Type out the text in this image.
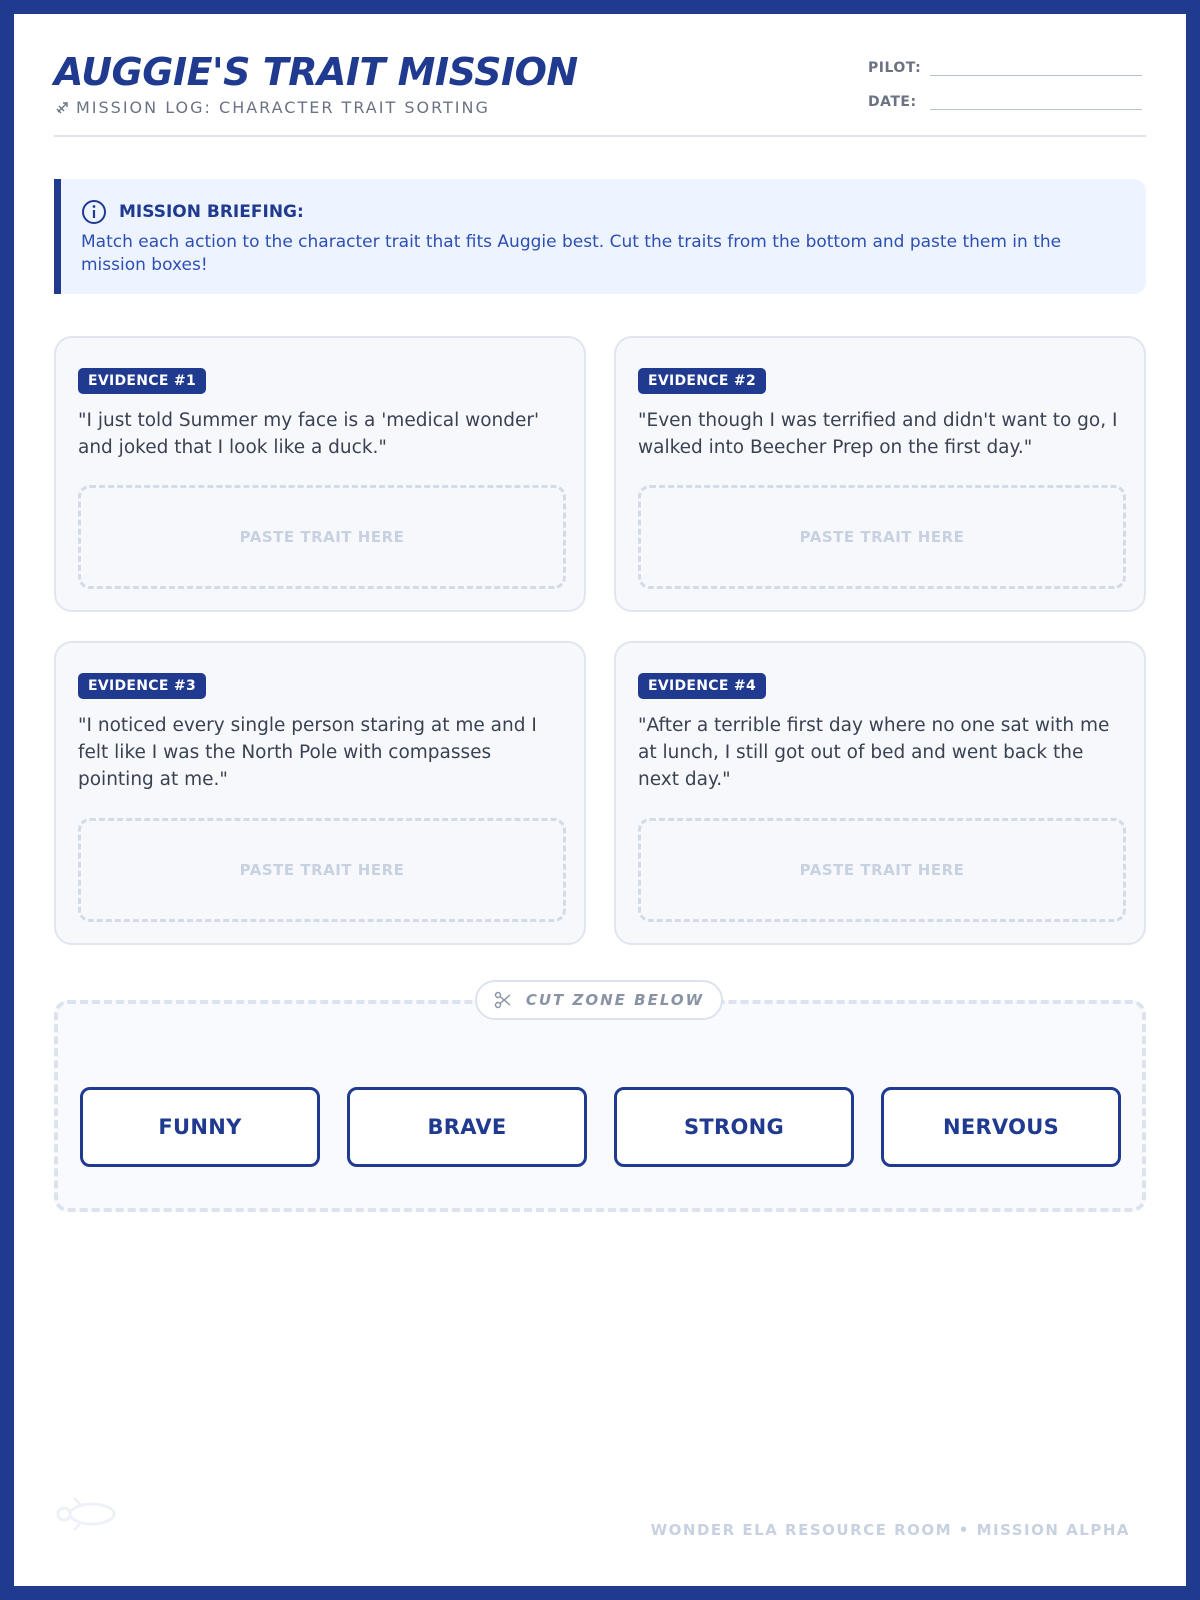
AUGGIE'S TRAIT MISSION
MISSION LOG: CHARACTER TRAIT SORTING
PILOT:
DATE:
MISSION BRIEFING:
Match each action to the character trait that fits Auggie best. Cut the traits from the bottom and paste them in the mission boxes!
EVIDENCE #1
"I just told Summer my face is a 'medical wonder' and joked that I look like a duck."
PASTE TRAIT HERE
EVIDENCE #2
"Even though I was terrified and didn't want to go, I walked into Beecher Prep on the first day."
PASTE TRAIT HERE
EVIDENCE #3
"I noticed every single person staring at me and I felt like I was the North Pole with compasses pointing at me."
PASTE TRAIT HERE
EVIDENCE #4
"After a terrible first day where no one sat with me at lunch, I still got out of bed and went back the next day."
PASTE TRAIT HERE
CUT ZONE BELOW
FUNNY	BRAVE	STRONG	NERVOUS
WONDER ELA RESOURCE ROOM • MISSION ALPHA
